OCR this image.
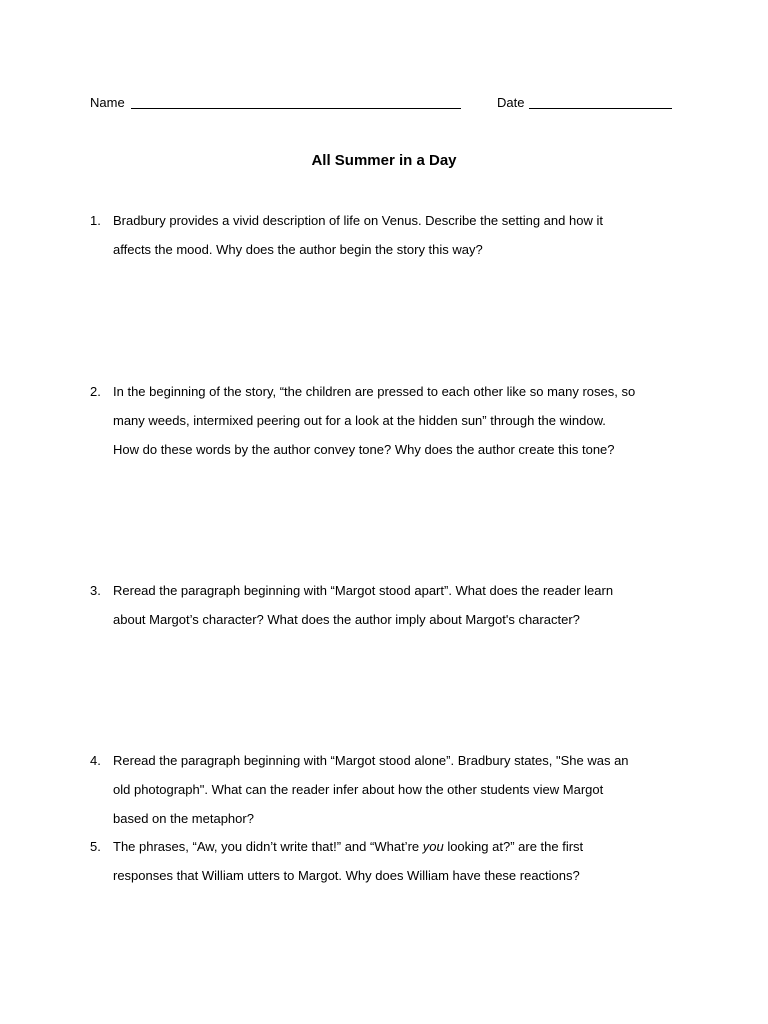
Name	Date
All Summer in a Day
1. Bradbury provides a vivid description of life on Venus. Describe the setting and how it
affects the mood. Why does the author begin the story this way?
2. In the beginning of the story, “the children are pressed to each other like so many roses, so
many weeds, intermixed peering out for a look at the hidden sun” through the window.
How do these words by the author convey tone? Why does the author create this tone?
3. Reread the paragraph beginning with “Margot stood apart”. What does the reader learn
about Margot’s character? What does the author imply about Margot's character?
4. Reread the paragraph beginning with “Margot stood alone”. Bradbury states, "She was an
old photograph". What can the reader infer about how the other students view Margot
based on the metaphor?
5. The phrases, “Aw, you didn’t write that!” and “What’re you looking at?” are the first
responses that William utters to Margot. Why does William have these reactions?
